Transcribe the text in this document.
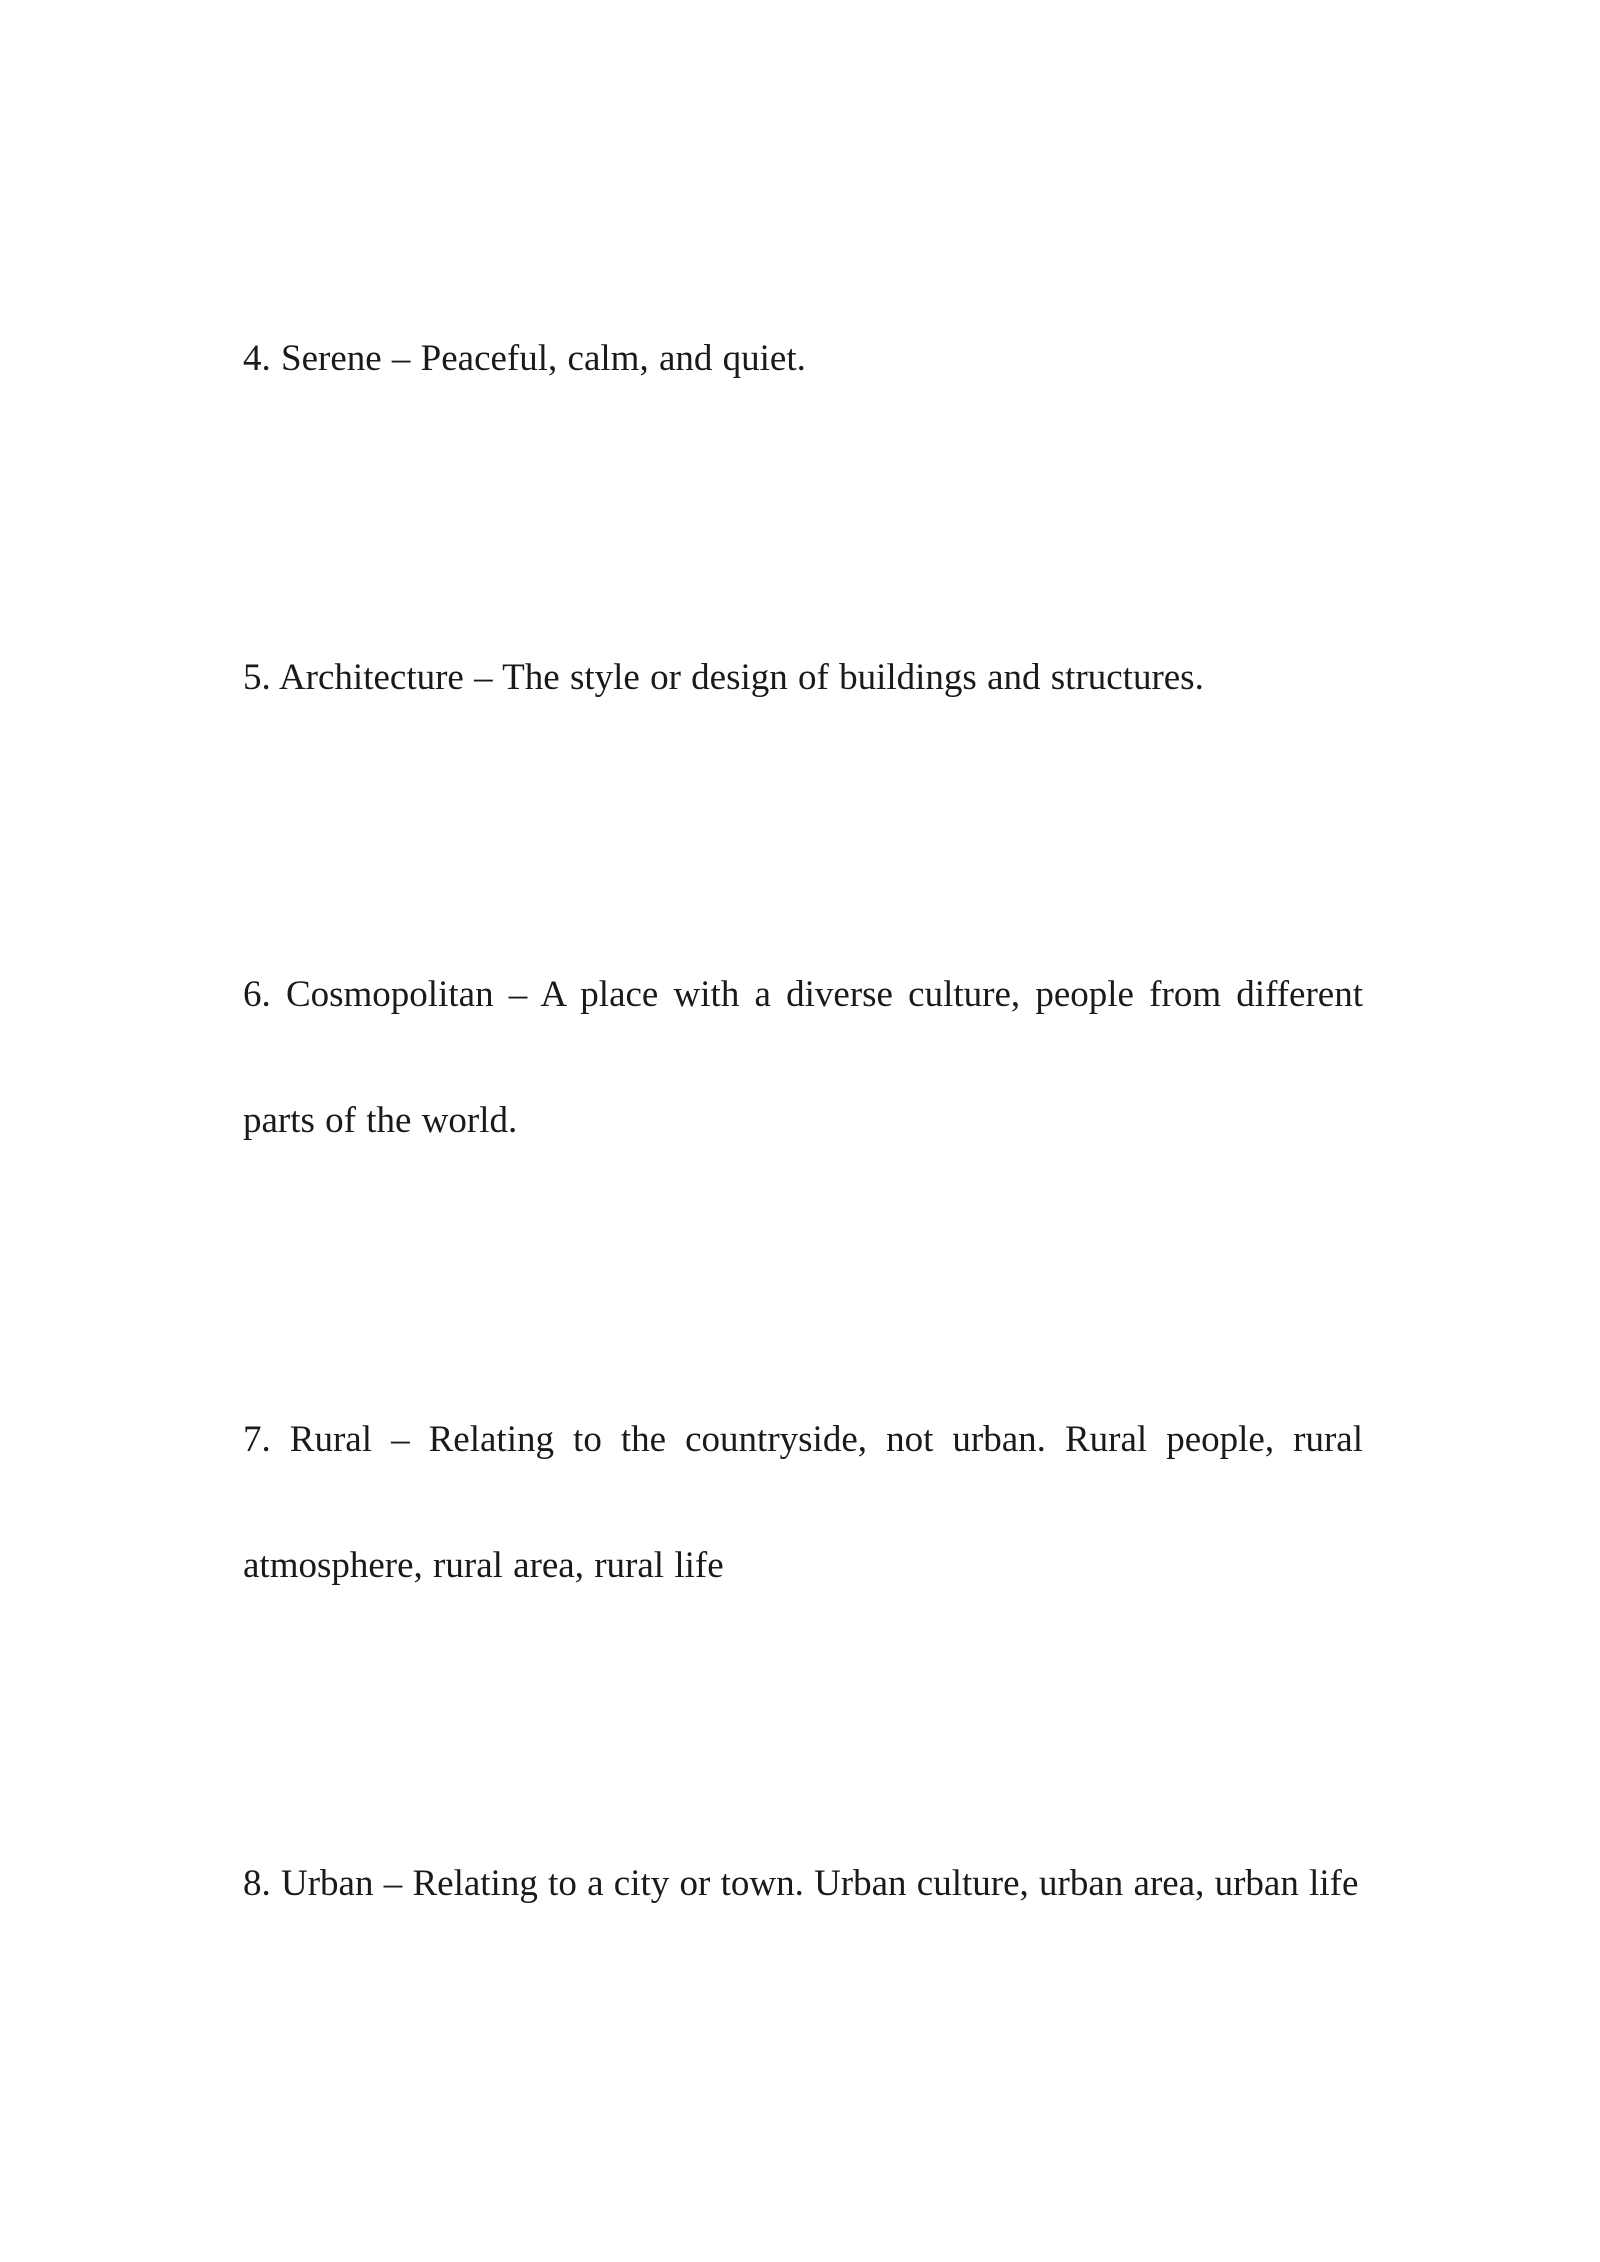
4. Serene – Peaceful, calm, and quiet.

5. Architecture – The style or design of buildings and structures.

6. Cosmopolitan – A place with a diverse culture, people from different parts of the world.

7. Rural – Relating to the countryside, not urban. Rural people, rural atmosphere, rural area, rural life

8. Urban – Relating to a city or town. Urban culture, urban area, urban life
